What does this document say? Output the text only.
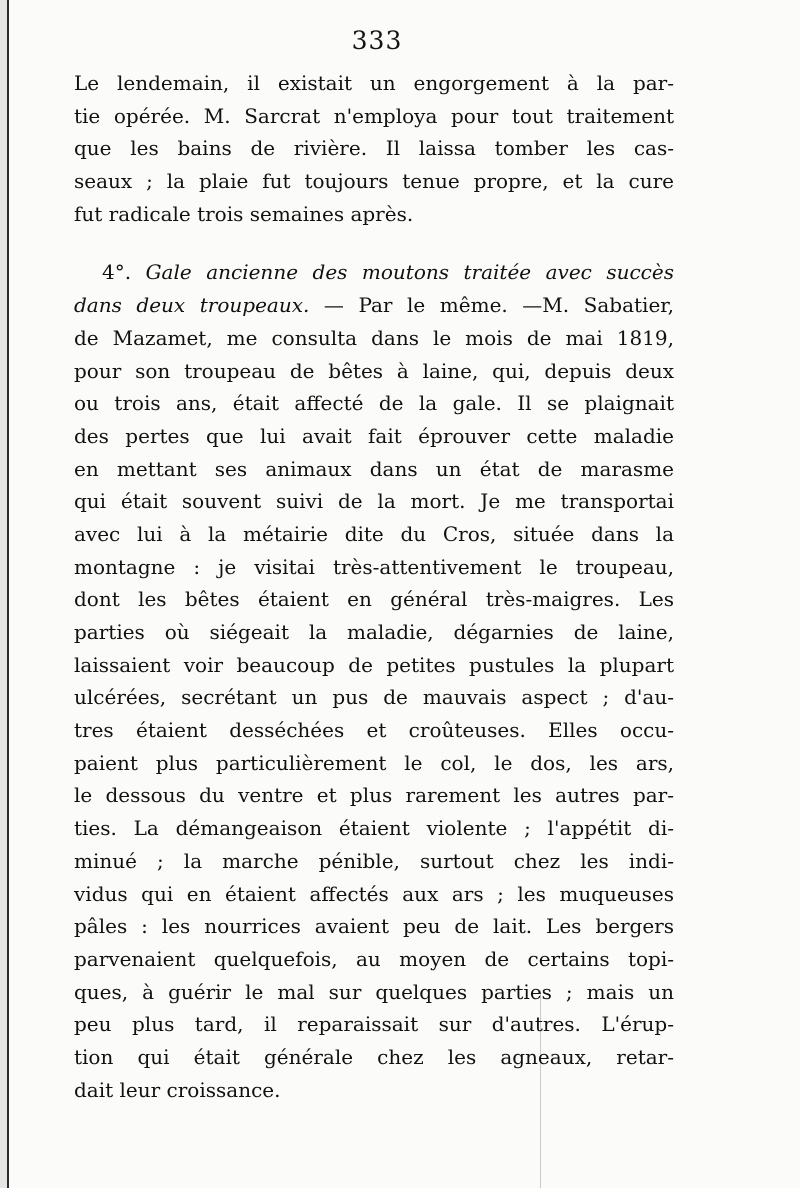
333
Le lendemain, il existait un engorgement à la par-
tie opérée. M. Sarcrat n'employa pour tout traitement
que les bains de rivière. Il laissa tomber les cas-
seaux ; la plaie fut toujours tenue propre, et la cure
fut radicale trois semaines après.
4°. Gale ancienne des moutons traitée avec succès
dans deux troupeaux. — Par le même. —M. Sabatier,
de Mazamet, me consulta dans le mois de mai 1819,
pour son troupeau de bêtes à laine, qui, depuis deux
ou trois ans, était affecté de la gale. Il se plaignait
des pertes que lui avait fait éprouver cette maladie
en mettant ses animaux dans un état de marasme
qui était souvent suivi de la mort. Je me transportai
avec lui à la métairie dite du Cros, située dans la
montagne : je visitai très-attentivement le troupeau,
dont les bêtes étaient en général très-maigres. Les
parties où siégeait la maladie, dégarnies de laine,
laissaient voir beaucoup de petites pustules la plupart
ulcérées, secrétant un pus de mauvais aspect ; d'au-
tres étaient desséchées et croûteuses. Elles occu-
paient plus particulièrement le col, le dos, les ars,
le dessous du ventre et plus rarement les autres par-
ties. La démangeaison étaient violente ; l'appétit di-
minué ; la marche pénible, surtout chez les indi-
vidus qui en étaient affectés aux ars ; les muqueuses
pâles : les nourrices avaient peu de lait. Les bergers
parvenaient quelquefois, au moyen de certains topi-
ques, à guérir le mal sur quelques parties ; mais un
peu plus tard, il reparaissait sur d'autres. L'érup-
tion qui était générale chez les agneaux, retar-
dait leur croissance.
